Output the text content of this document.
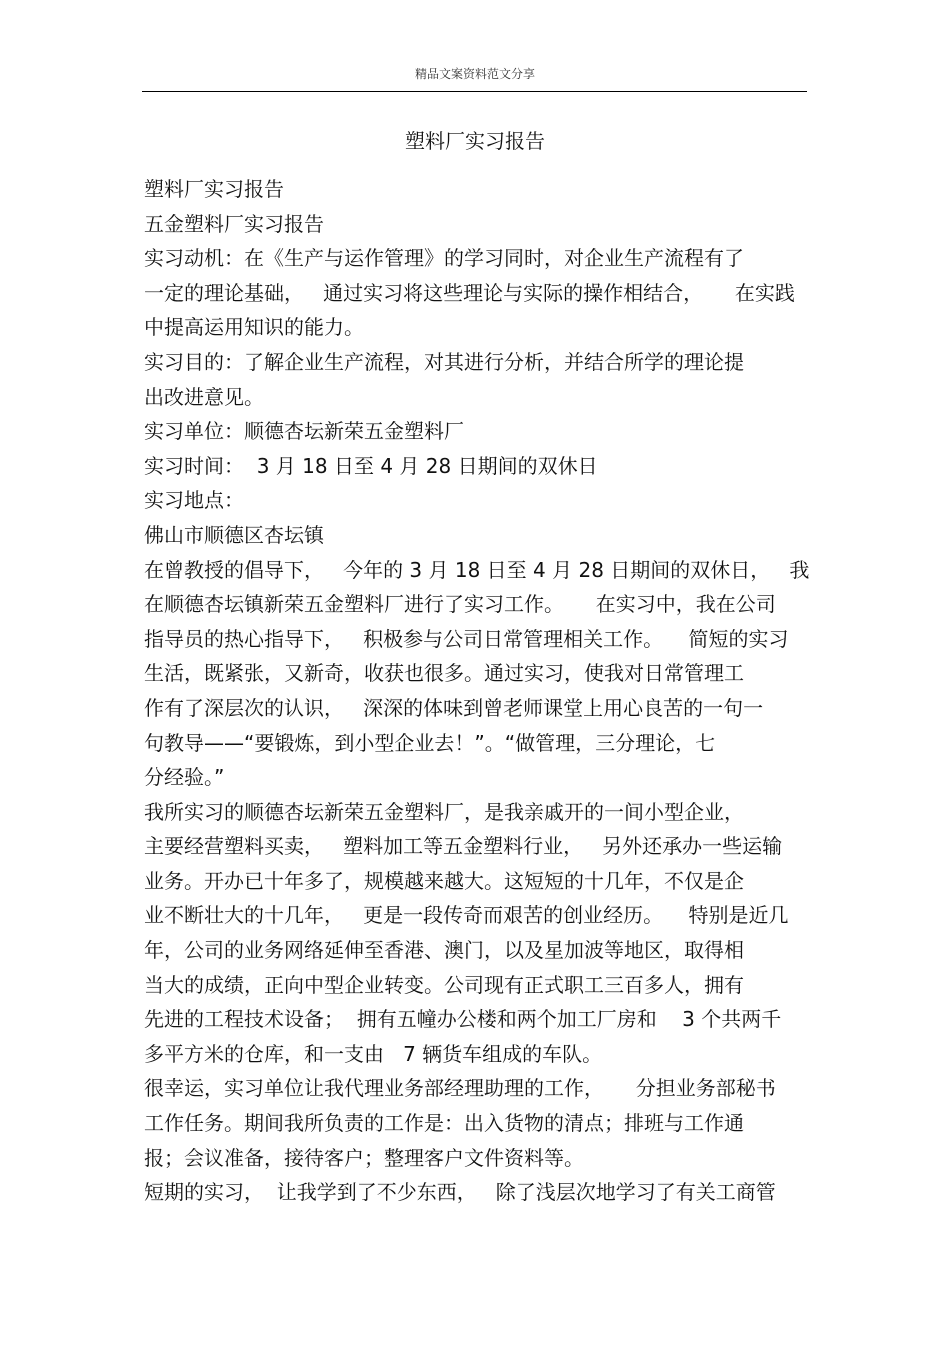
精品文案资料范文分享
塑料厂实习报告
塑料厂实习报告
五金塑料厂实习报告
实习动机：在《生产与运作管理》的学习同时，对企业生产流程有了
一定的理论基础，   通过实习将这些理论与实际的操作相结合，     在实践
中提高运用知识的能力。
实习目的：了解企业生产流程，对其进行分析，并结合所学的理论提
出改进意见。
实习单位：顺德杏坛新荣五金塑料厂
实习时间：  3 月 18 日至 4 月 28 日期间的双休日
实习地点：
佛山市顺德区杏坛镇
在曾教授的倡导下，   今年的 3 月 18 日至 4 月 28 日期间的双休日，   我
在顺德杏坛镇新荣五金塑料厂进行了实习工作。     在实习中，我在公司
指导员的热心指导下，   积极参与公司日常管理相关工作。    简短的实习
生活，既紧张，又新奇，收获也很多。通过实习，使我对日常管理工
作有了深层次的认识，   深深的体味到曾老师课堂上用心良苦的一句一
句教导——“要锻炼，到小型企业去！”。“做管理，三分理论，七
分经验。”
我所实习的顺德杏坛新荣五金塑料厂，是我亲戚开的一间小型企业，
主要经营塑料买卖，   塑料加工等五金塑料行业，   另外还承办一些运输
业务。开办已十年多了，规模越来越大。这短短的十几年，不仅是企
业不断壮大的十几年，   更是一段传奇而艰苦的创业经历。    特别是近几
年，公司的业务网络延伸至香港、澳门，以及星加波等地区，取得相
当大的成绩，正向中型企业转变。公司现有正式职工三百多人，拥有
先进的工程技术设备；  拥有五幢办公楼和两个加工厂房和    3 个共两千
多平方米的仓库，和一支由   7 辆货车组成的车队。
很幸运，实习单位让我代理业务部经理助理的工作，     分担业务部秘书
工作任务。期间我所负责的工作是：出入货物的清点；排班与工作通
报；会议准备，接待客户；整理客户文件资料等。
短期的实习，  让我学到了不少东西，   除了浅层次地学习了有关工商管
